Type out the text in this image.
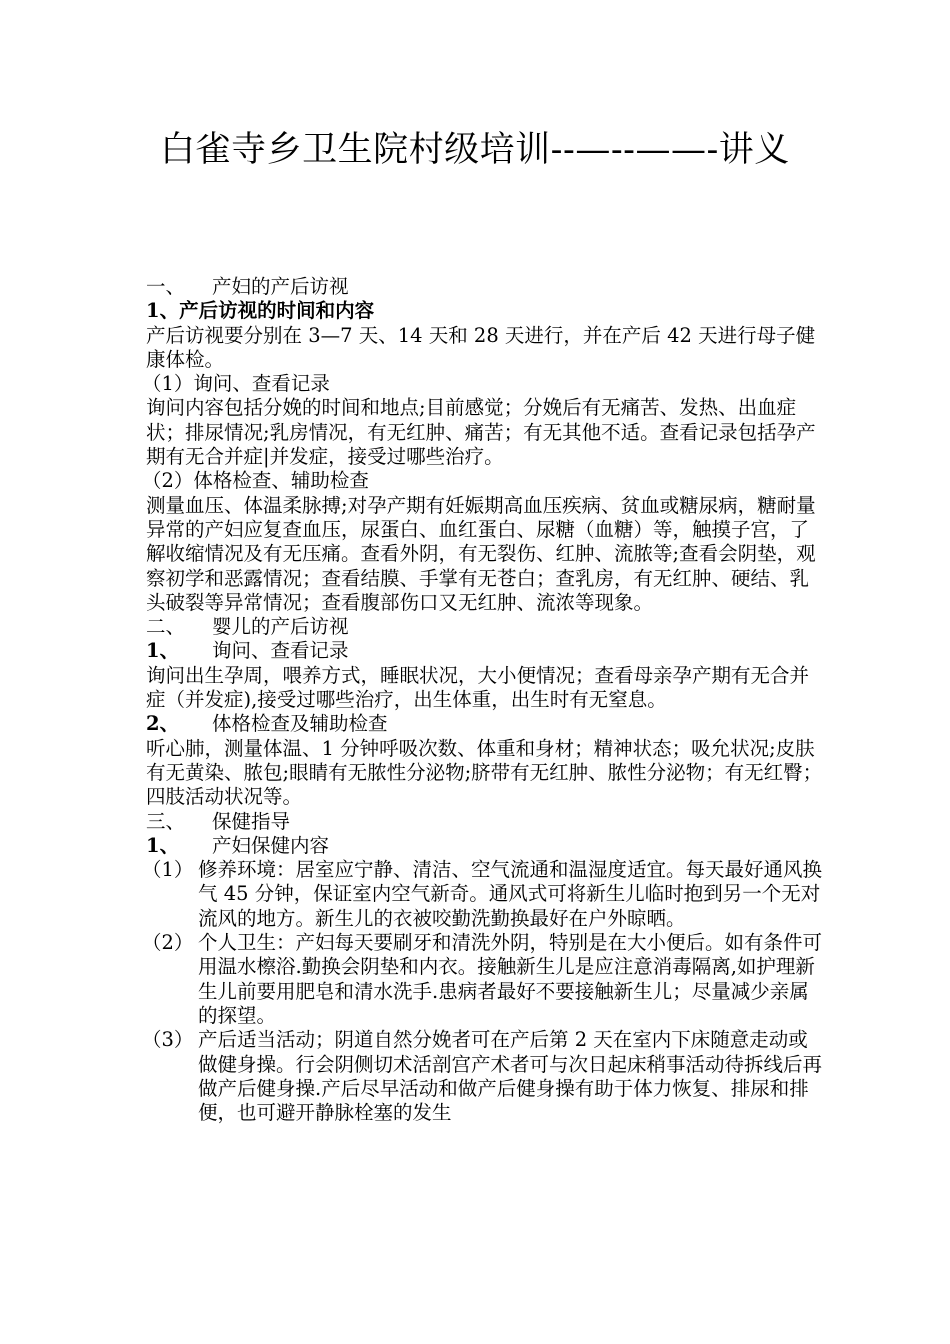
白雀寺乡卫生院村级培训--—--——-讲义
一、	产妇的产后访视
1、产后访视的时间和内容

产后访视要分别在 3—7 天、14 天和 28 天进行，并在产后 42 天进行母子健康体检。

（1）询问、查看记录

询问内容包括分娩的时间和地点;目前感觉；分娩后有无痛苦、发热、出血症状；排尿情况;乳房情况，有无红肿、痛苦；有无其他不适。查看记录包括孕产期有无合并症|并发症，接受过哪些治疗。

（2）体格检查、辅助检查

测量血压、体温柔脉搏;对孕产期有妊娠期高血压疾病、贫血或糖尿病，糖耐量异常的产妇应复查血压，尿蛋白、血红蛋白、尿糖（血糖）等，触摸子宫，了解收缩情况及有无压痛。查看外阴，有无裂伤、红肿、流脓等;查看会阴垫，观察初学和恶露情况；查看结膜、手掌有无苍白；查乳房，有无红肿、硬结、乳头破裂等异常情况；查看腹部伤口又无红肿、流浓等现象。

二、	婴儿的产后访视
1、	询问、查看记录

询问出生孕周，喂养方式，睡眠状况，大小便情况；查看母亲孕产期有无合并症（并发症),接受过哪些治疗，出生体重，出生时有无窒息。

2、	体格检查及辅助检查

听心肺，测量体温、1 分钟呼吸次数、体重和身材；精神状态；吸允状况;皮肤有无黄染、脓包;眼睛有无脓性分泌物;脐带有无红肿、脓性分泌物；有无红臀；四肢活动状况等。

三、	保健指导
1、	产妇保健内容
（1） 修养环境：居室应宁静、清洁、空气流通和温湿度适宜。每天最好通风换气 45 分钟，保证室内空气新奇。通风式可将新生儿临时抱到另一个无对流风的地方。新生儿的衣被咬勤洗勤换最好在户外晾晒。
（2） 个人卫生：产妇每天要刷牙和清洗外阴，特别是在大小便后。如有条件可用温水檫浴.勤换会阴垫和内衣。接触新生儿是应注意消毒隔离,如护理新生儿前要用肥皂和清水洗手.患病者最好不要接触新生儿；尽量减少亲属的探望。
（3） 产后适当活动；阴道自然分娩者可在产后第 2 天在室内下床随意走动或做健身操。行会阴侧切术活剖宫产术者可与次日起床稍事活动待拆线后再做产后健身操.产后尽早活动和做产后健身操有助于体力恢复、排尿和排便，也可避开静脉栓塞的发生
